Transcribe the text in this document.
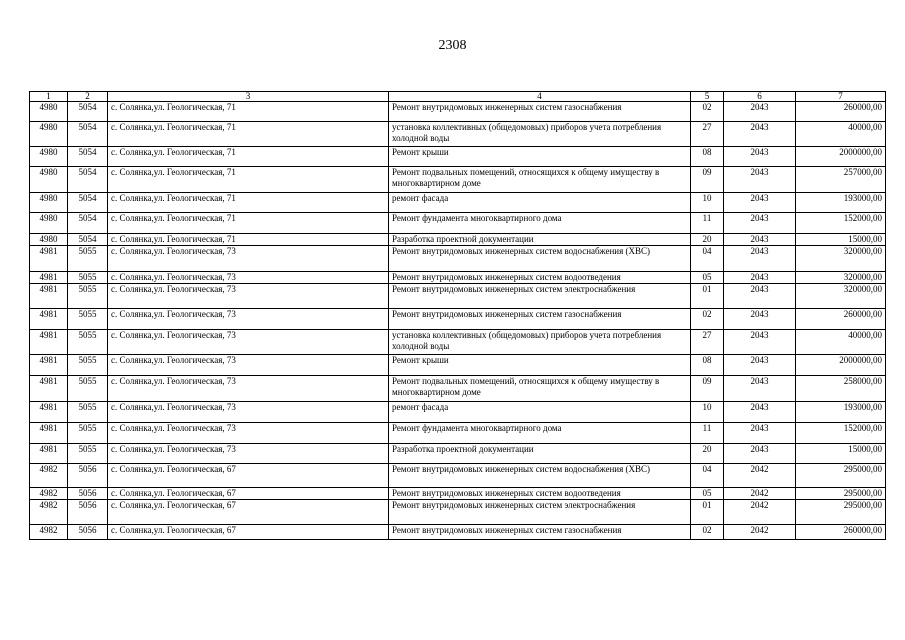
2308
1	2	3	4	5	6	7
4980	5054	с. Солянка,ул. Геологическая, 71	Ремонт внутридомовых инженерных систем газоснабжения	02	2043	260000,00
4980	5054	с. Солянка,ул. Геологическая, 71	установка коллективных (общедомовых) приборов учета потребления холодной воды	27	2043	40000,00
4980	5054	с. Солянка,ул. Геологическая, 71	Ремонт крыши	08	2043	2000000,00
4980	5054	с. Солянка,ул. Геологическая, 71	Ремонт подвальных помещений, относящихся к общему имуществу в многоквартирном доме	09	2043	257000,00
4980	5054	с. Солянка,ул. Геологическая, 71	ремонт фасада	10	2043	193000,00
4980	5054	с. Солянка,ул. Геологическая, 71	Ремонт фундамента многоквартирного дома	11	2043	152000,00
4980	5054	с. Солянка,ул. Геологическая, 71	Разработка проектной документации	20	2043	15000,00
4981	5055	с. Солянка,ул. Геологическая, 73	Ремонт внутридомовых инженерных систем водоснабжения (ХВС)	04	2043	320000,00
4981	5055	с. Солянка,ул. Геологическая, 73	Ремонт внутридомовых инженерных систем водоотведения	05	2043	320000,00
4981	5055	с. Солянка,ул. Геологическая, 73	Ремонт внутридомовых инженерных систем электроснабжения	01	2043	320000,00
4981	5055	с. Солянка,ул. Геологическая, 73	Ремонт внутридомовых инженерных систем газоснабжения	02	2043	260000,00
4981	5055	с. Солянка,ул. Геологическая, 73	установка коллективных (общедомовых) приборов учета потребления холодной воды	27	2043	40000,00
4981	5055	с. Солянка,ул. Геологическая, 73	Ремонт крыши	08	2043	2000000,00
4981	5055	с. Солянка,ул. Геологическая, 73	Ремонт подвальных помещений, относящихся к общему имуществу в многоквартирном доме	09	2043	258000,00
4981	5055	с. Солянка,ул. Геологическая, 73	ремонт фасада	10	2043	193000,00
4981	5055	с. Солянка,ул. Геологическая, 73	Ремонт фундамента многоквартирного дома	11	2043	152000,00
4981	5055	с. Солянка,ул. Геологическая, 73	Разработка проектной документации	20	2043	15000,00
4982	5056	с. Солянка,ул. Геологическая, 67	Ремонт внутридомовых инженерных систем водоснабжения (ХВС)	04	2042	295000,00
4982	5056	с. Солянка,ул. Геологическая, 67	Ремонт внутридомовых инженерных систем водоотведения	05	2042	295000,00
4982	5056	с. Солянка,ул. Геологическая, 67	Ремонт внутридомовых инженерных систем электроснабжения	01	2042	295000,00
4982	5056	с. Солянка,ул. Геологическая, 67	Ремонт внутридомовых инженерных систем газоснабжения	02	2042	260000,00
